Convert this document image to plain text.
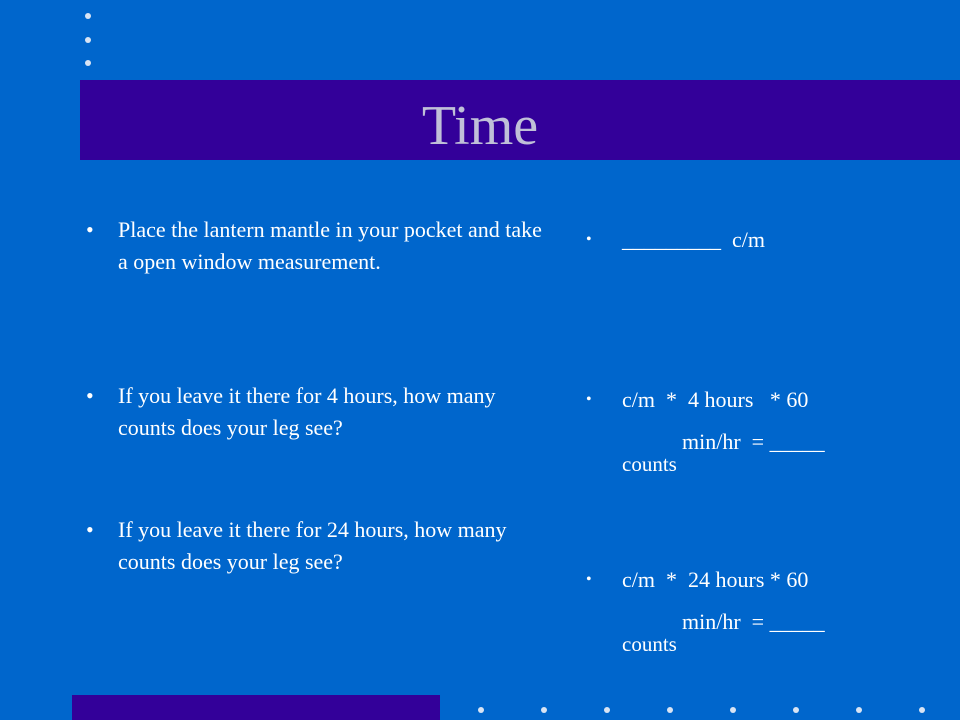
Time
• Place the lantern mantle in your pocket and take a open window measurement.
• If you leave it there for 4 hours, how many counts does your leg see?
• If you leave it there for 24 hours, how many counts does your leg see?
• _________  c/m
• c/m  *  4 hours   * 60
min/hr  = _____
counts
• c/m  *  24 hours * 60
min/hr  = _____
counts
